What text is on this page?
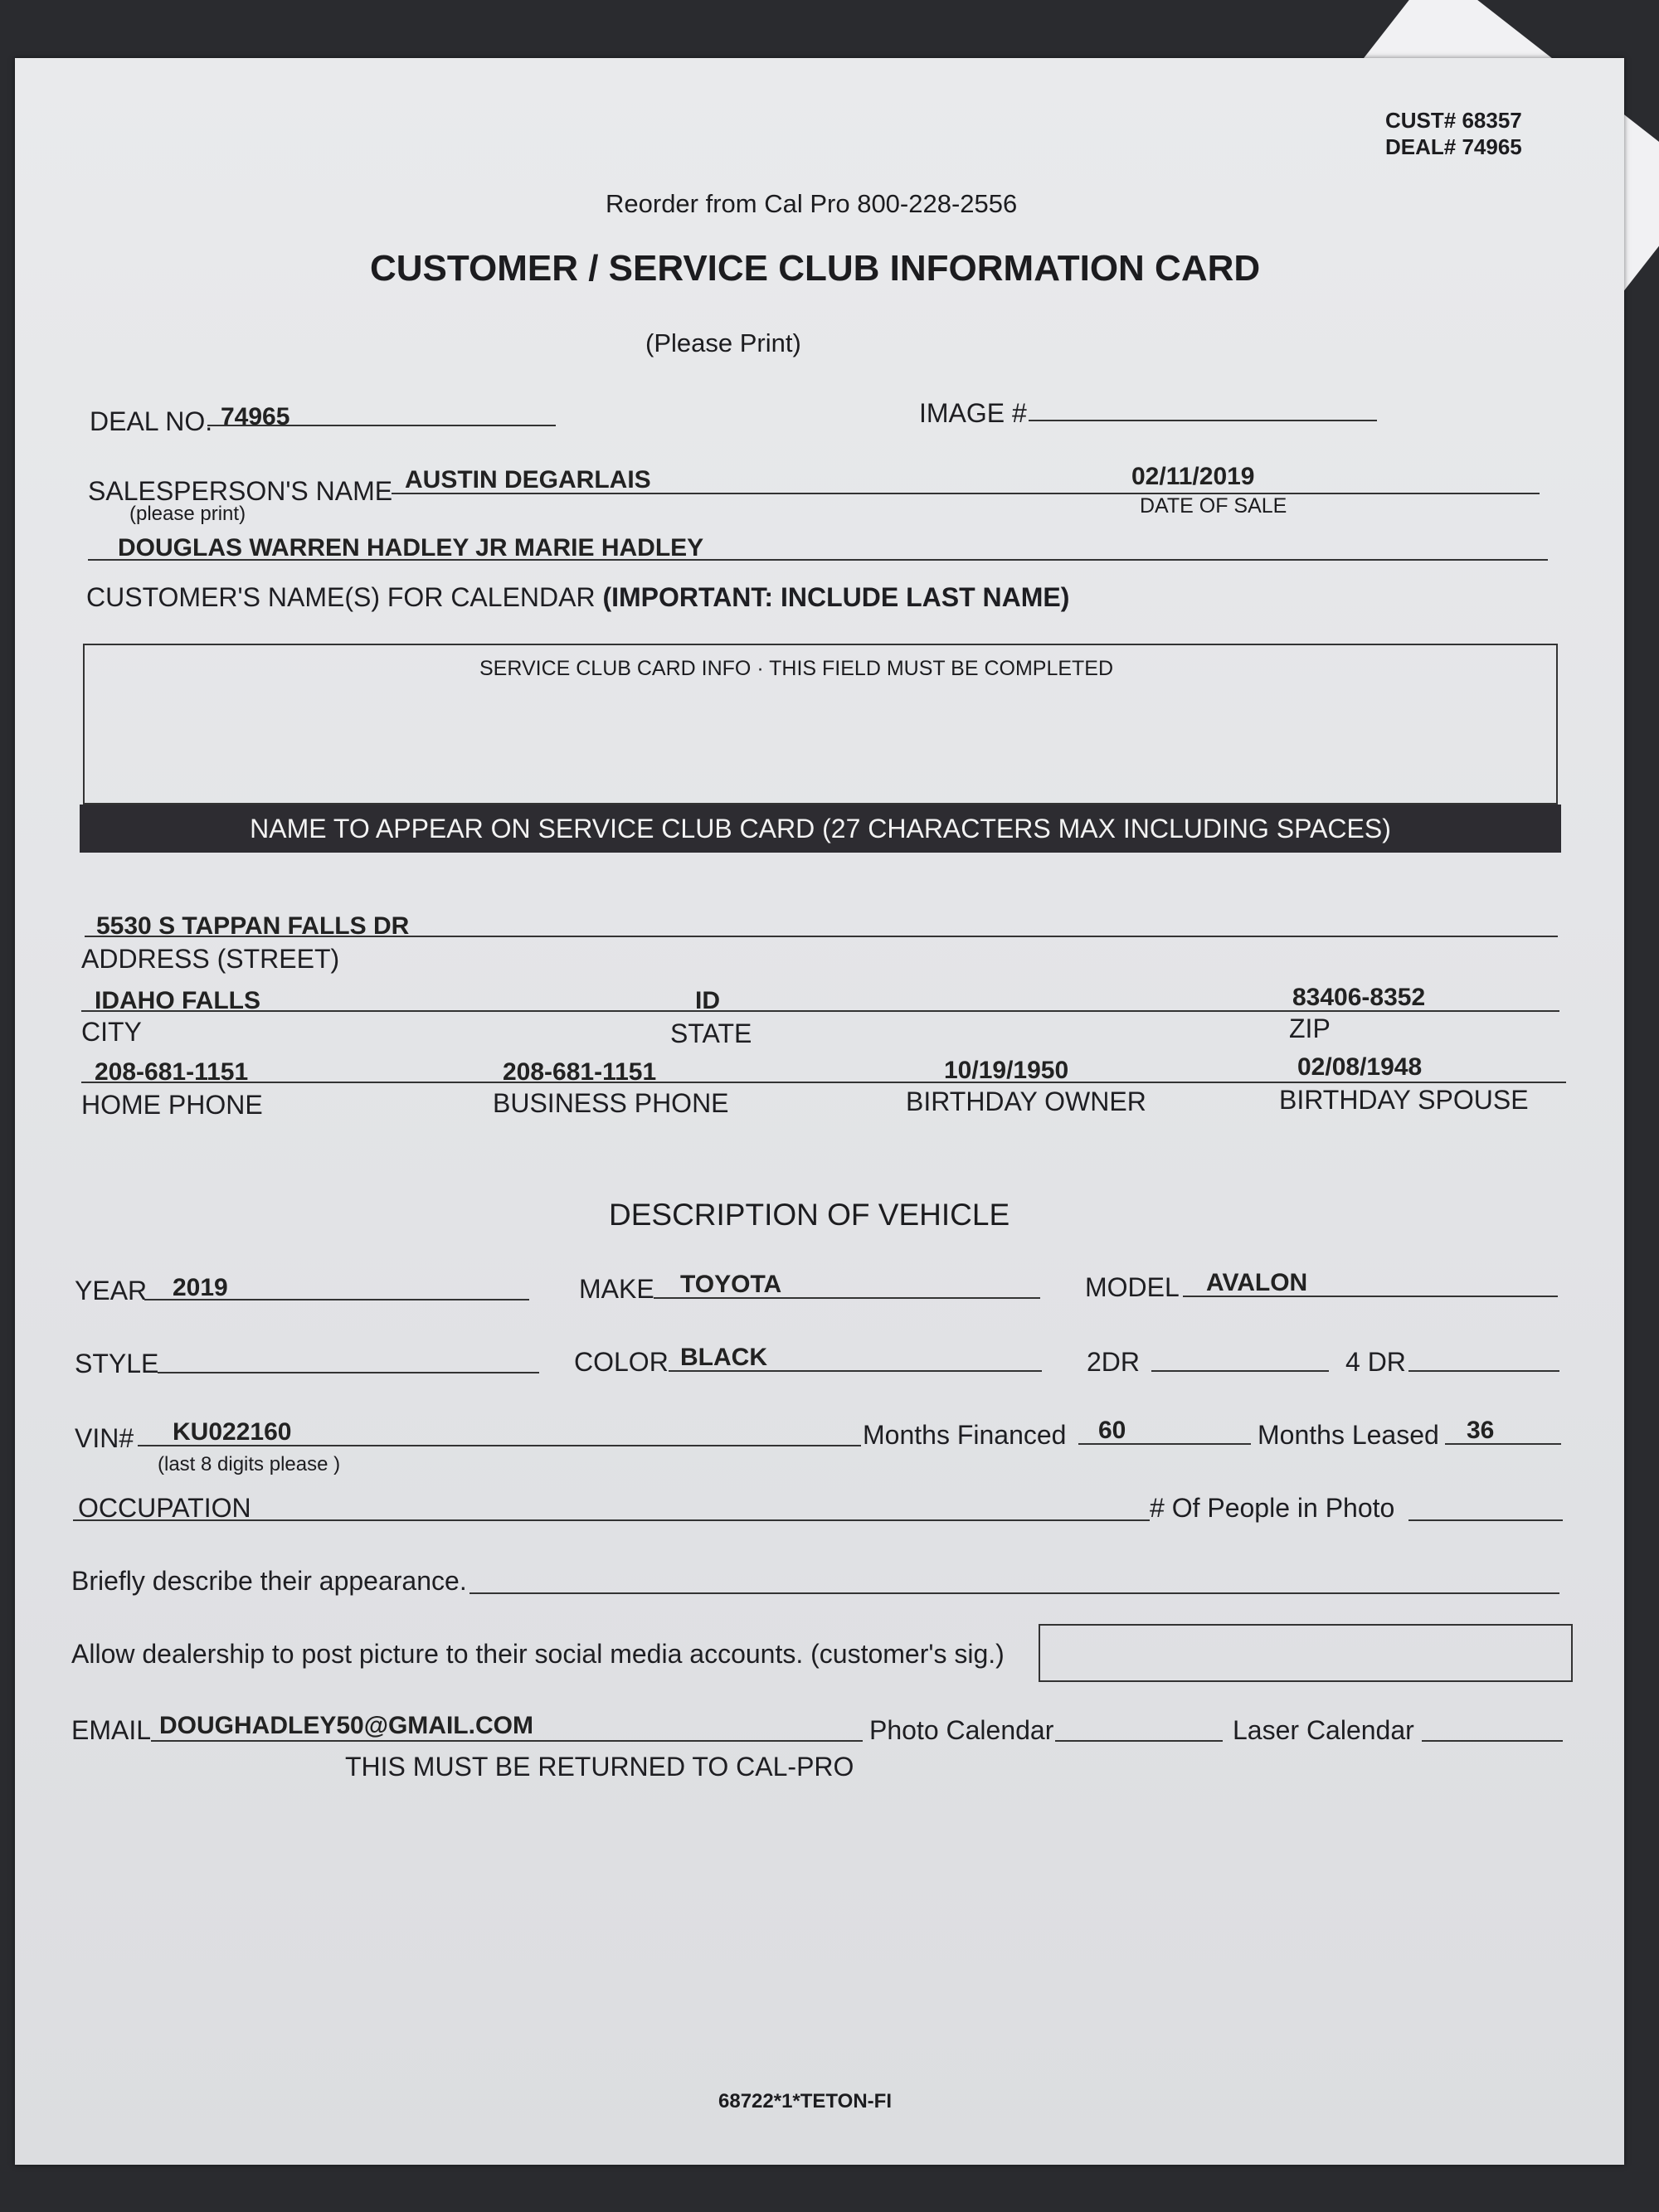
CUST# 68357
DEAL# 74965
Reorder from Cal Pro 800-228-2556
CUSTOMER / SERVICE CLUB INFORMATION CARD
(Please Print)
DEAL NO. 74965	IMAGE #
SALESPERSON'S NAME
(please print)
AUSTIN DEGARLAIS	02/11/2019
DATE OF SALE
DOUGLAS WARREN HADLEY JR MARIE HADLEY
CUSTOMER'S NAME(S) FOR CALENDAR (IMPORTANT: INCLUDE LAST NAME)
SERVICE CLUB CARD INFO · THIS FIELD MUST BE COMPLETED
NAME TO APPEAR ON SERVICE CLUB CARD (27 CHARACTERS MAX INCLUDING SPACES)
5530 S TAPPAN FALLS DR
ADDRESS (STREET)
IDAHO FALLS
CITY
ID
STATE
83406-8352
ZIP
208-681-1151
HOME PHONE
208-681-1151
BUSINESS PHONE
10/19/1950
BIRTHDAY OWNER
02/08/1948
BIRTHDAY SPOUSE
DESCRIPTION OF VEHICLE
YEAR 2019	MAKE TOYOTA	MODEL AVALON
STYLE	COLOR BLACK	2DR	4 DR
VIN# KU022160
(last 8 digits please )
Months Financed 60	Months Leased 36
OCCUPATION	# Of People in Photo
Briefly describe their appearance.
Allow dealership to post picture to their social media accounts. (customer's sig.)
EMAIL DOUGHADLEY50@GMAIL.COM	Photo Calendar	Laser Calendar
THIS MUST BE RETURNED TO CAL-PRO
68722*1*TETON-FI
